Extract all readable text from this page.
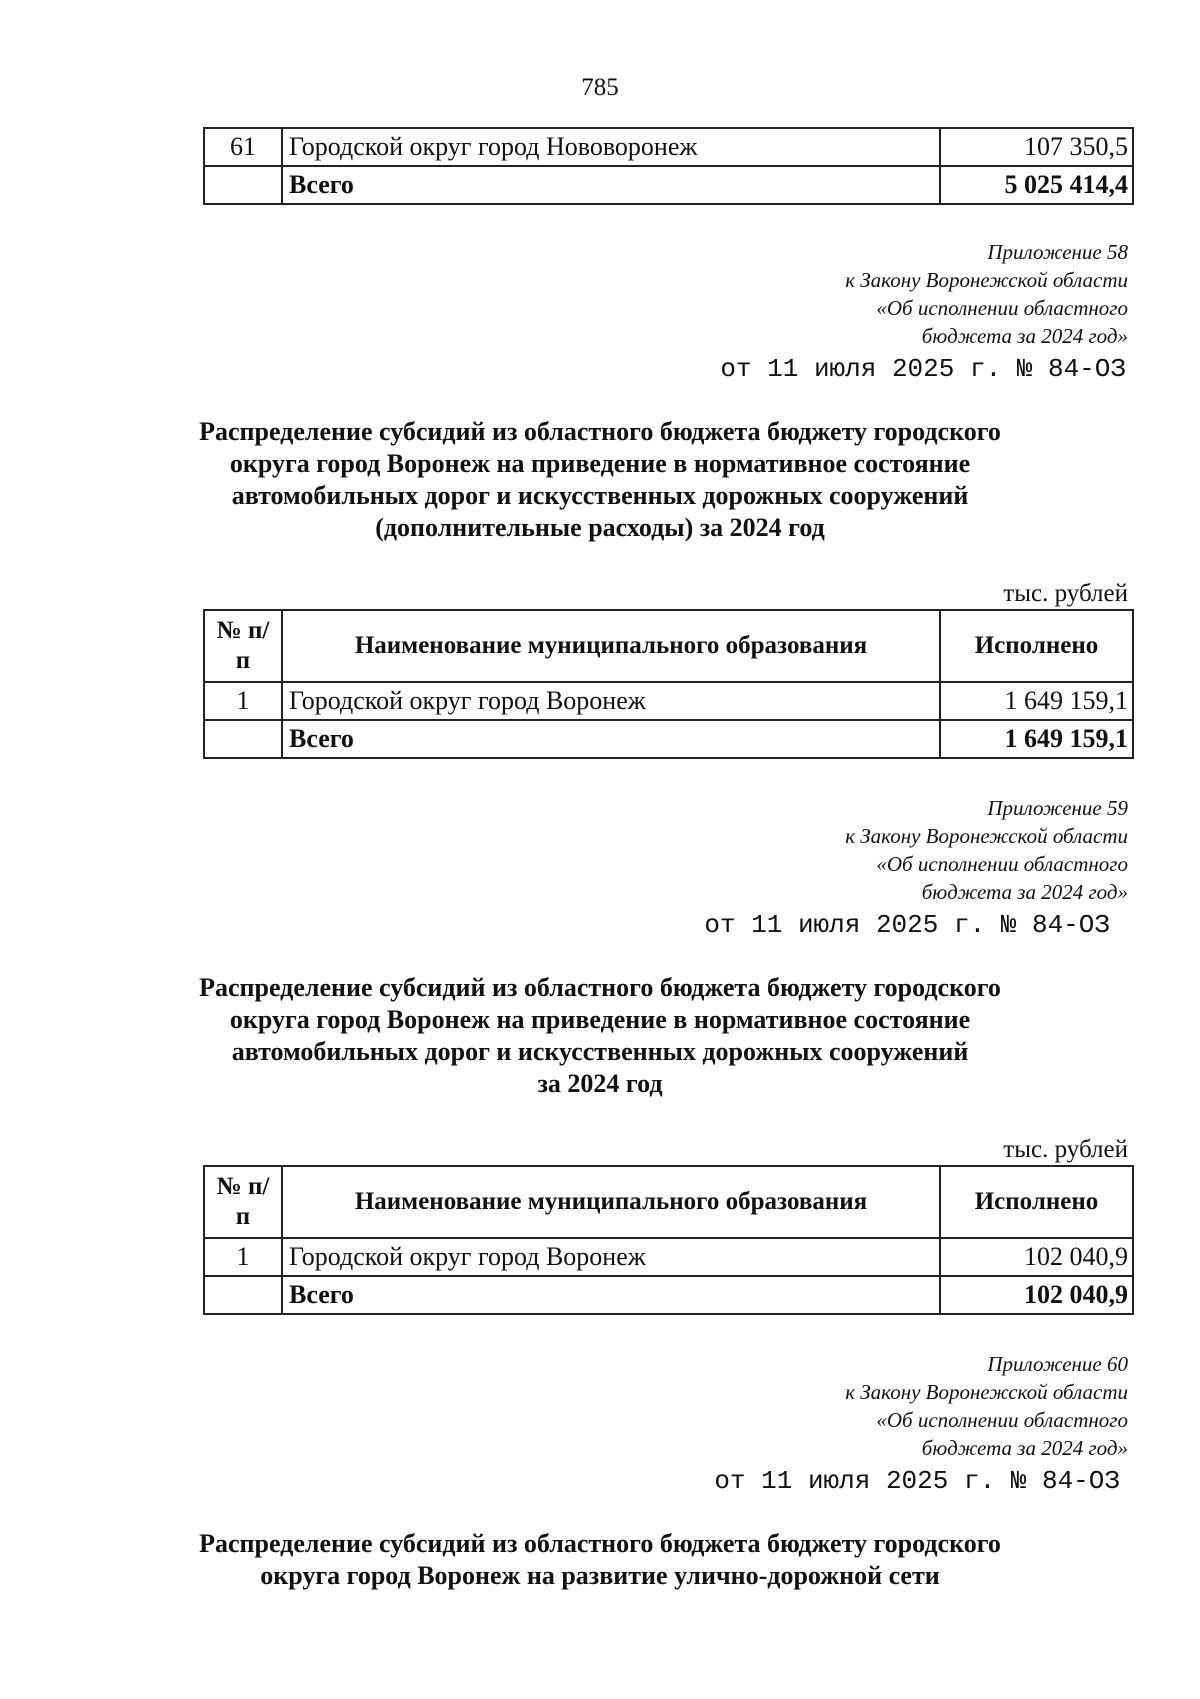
785
61	Городской округ город Нововоронеж	107 350,5
	Всего	5 025 414,4
Приложение 58
к Закону Воронежской области
«Об исполнении областного
бюджета за 2024 год»
от 11 июля 2025 г. № 84-ОЗ
Распределение субсидий из областного бюджета бюджету городского
округа город Воронеж на приведение в нормативное состояние
автомобильных дорог и искусственных дорожных сооружений
(дополнительные расходы) за 2024 год
тыс. рублей
№ п/п	Наименование муниципального образования	Исполнено
1	Городской округ город Воронеж	1 649 159,1
	Всего	1 649 159,1
Приложение 59
к Закону Воронежской области
«Об исполнении областного
бюджета за 2024 год»
от 11 июля 2025 г. № 84-ОЗ
Распределение субсидий из областного бюджета бюджету городского
округа город Воронеж на приведение в нормативное состояние
автомобильных дорог и искусственных дорожных сооружений
за 2024 год
тыс. рублей
№ п/п	Наименование муниципального образования	Исполнено
1	Городской округ город Воронеж	102 040,9
	Всего	102 040,9
Приложение 60
к Закону Воронежской области
«Об исполнении областного
бюджета за 2024 год»
от 11 июля 2025 г. № 84-ОЗ
Распределение субсидий из областного бюджета бюджету городского
округа город Воронеж на развитие улично-дорожной сети
